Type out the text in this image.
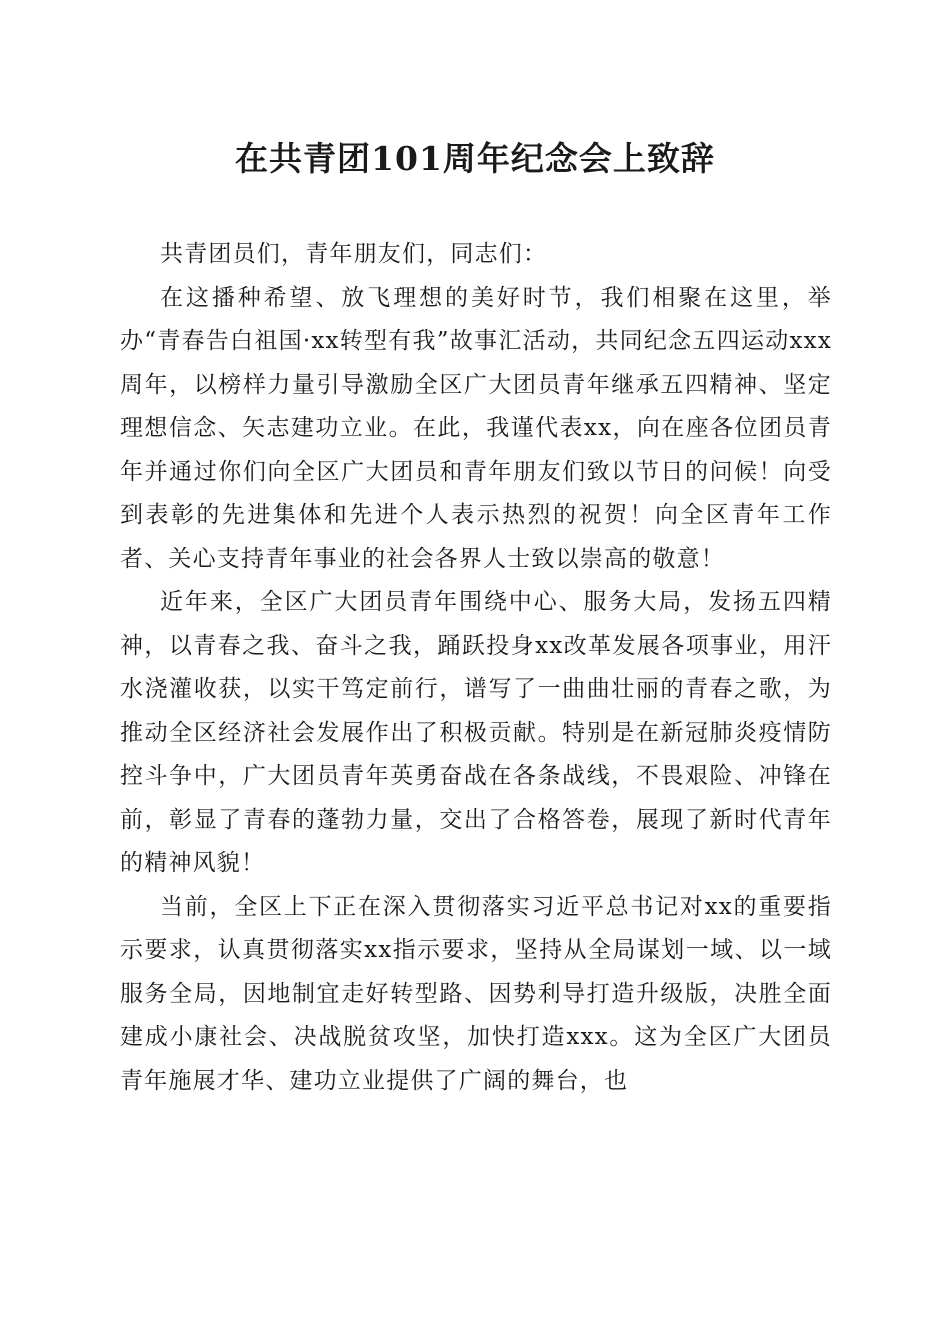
在共青团101周年纪念会上致辞

共青团员们，青年朋友们，同志们：

在这播种希望、放飞理想的美好时节，我们相聚在这里，举办“青春告白祖国·xx转型有我”故事汇活动，共同纪念五四运动xxx周年，以榜样力量引导激励全区广大团员青年继承五四精神、坚定理想信念、矢志建功立业。在此，我谨代表xx，向在座各位团员青年并通过你们向全区广大团员和青年朋友们致以节日的问候！向受到表彰的先进集体和先进个人表示热烈的祝贺！向全区青年工作者、关心支持青年事业的社会各界人士致以崇高的敬意！

近年来，全区广大团员青年围绕中心、服务大局，发扬五四精神，以青春之我、奋斗之我，踊跃投身xx改革发展各项事业，用汗水浇灌收获，以实干笃定前行，谱写了一曲曲壮丽的青春之歌，为推动全区经济社会发展作出了积极贡献。特别是在新冠肺炎疫情防控斗争中，广大团员青年英勇奋战在各条战线，不畏艰险、冲锋在前，彰显了青春的蓬勃力量，交出了合格答卷，展现了新时代青年的精神风貌！

当前，全区上下正在深入贯彻落实习近平总书记对xx的重要指示要求，认真贯彻落实xx指示要求，坚持从全局谋划一域、以一域服务全局，因地制宜走好转型路、因势利导打造升级版，决胜全面建成小康社会、决战脱贫攻坚，加快打造xxx。这为全区广大团员青年施展才华、建功立业提供了广阔的舞台，也
